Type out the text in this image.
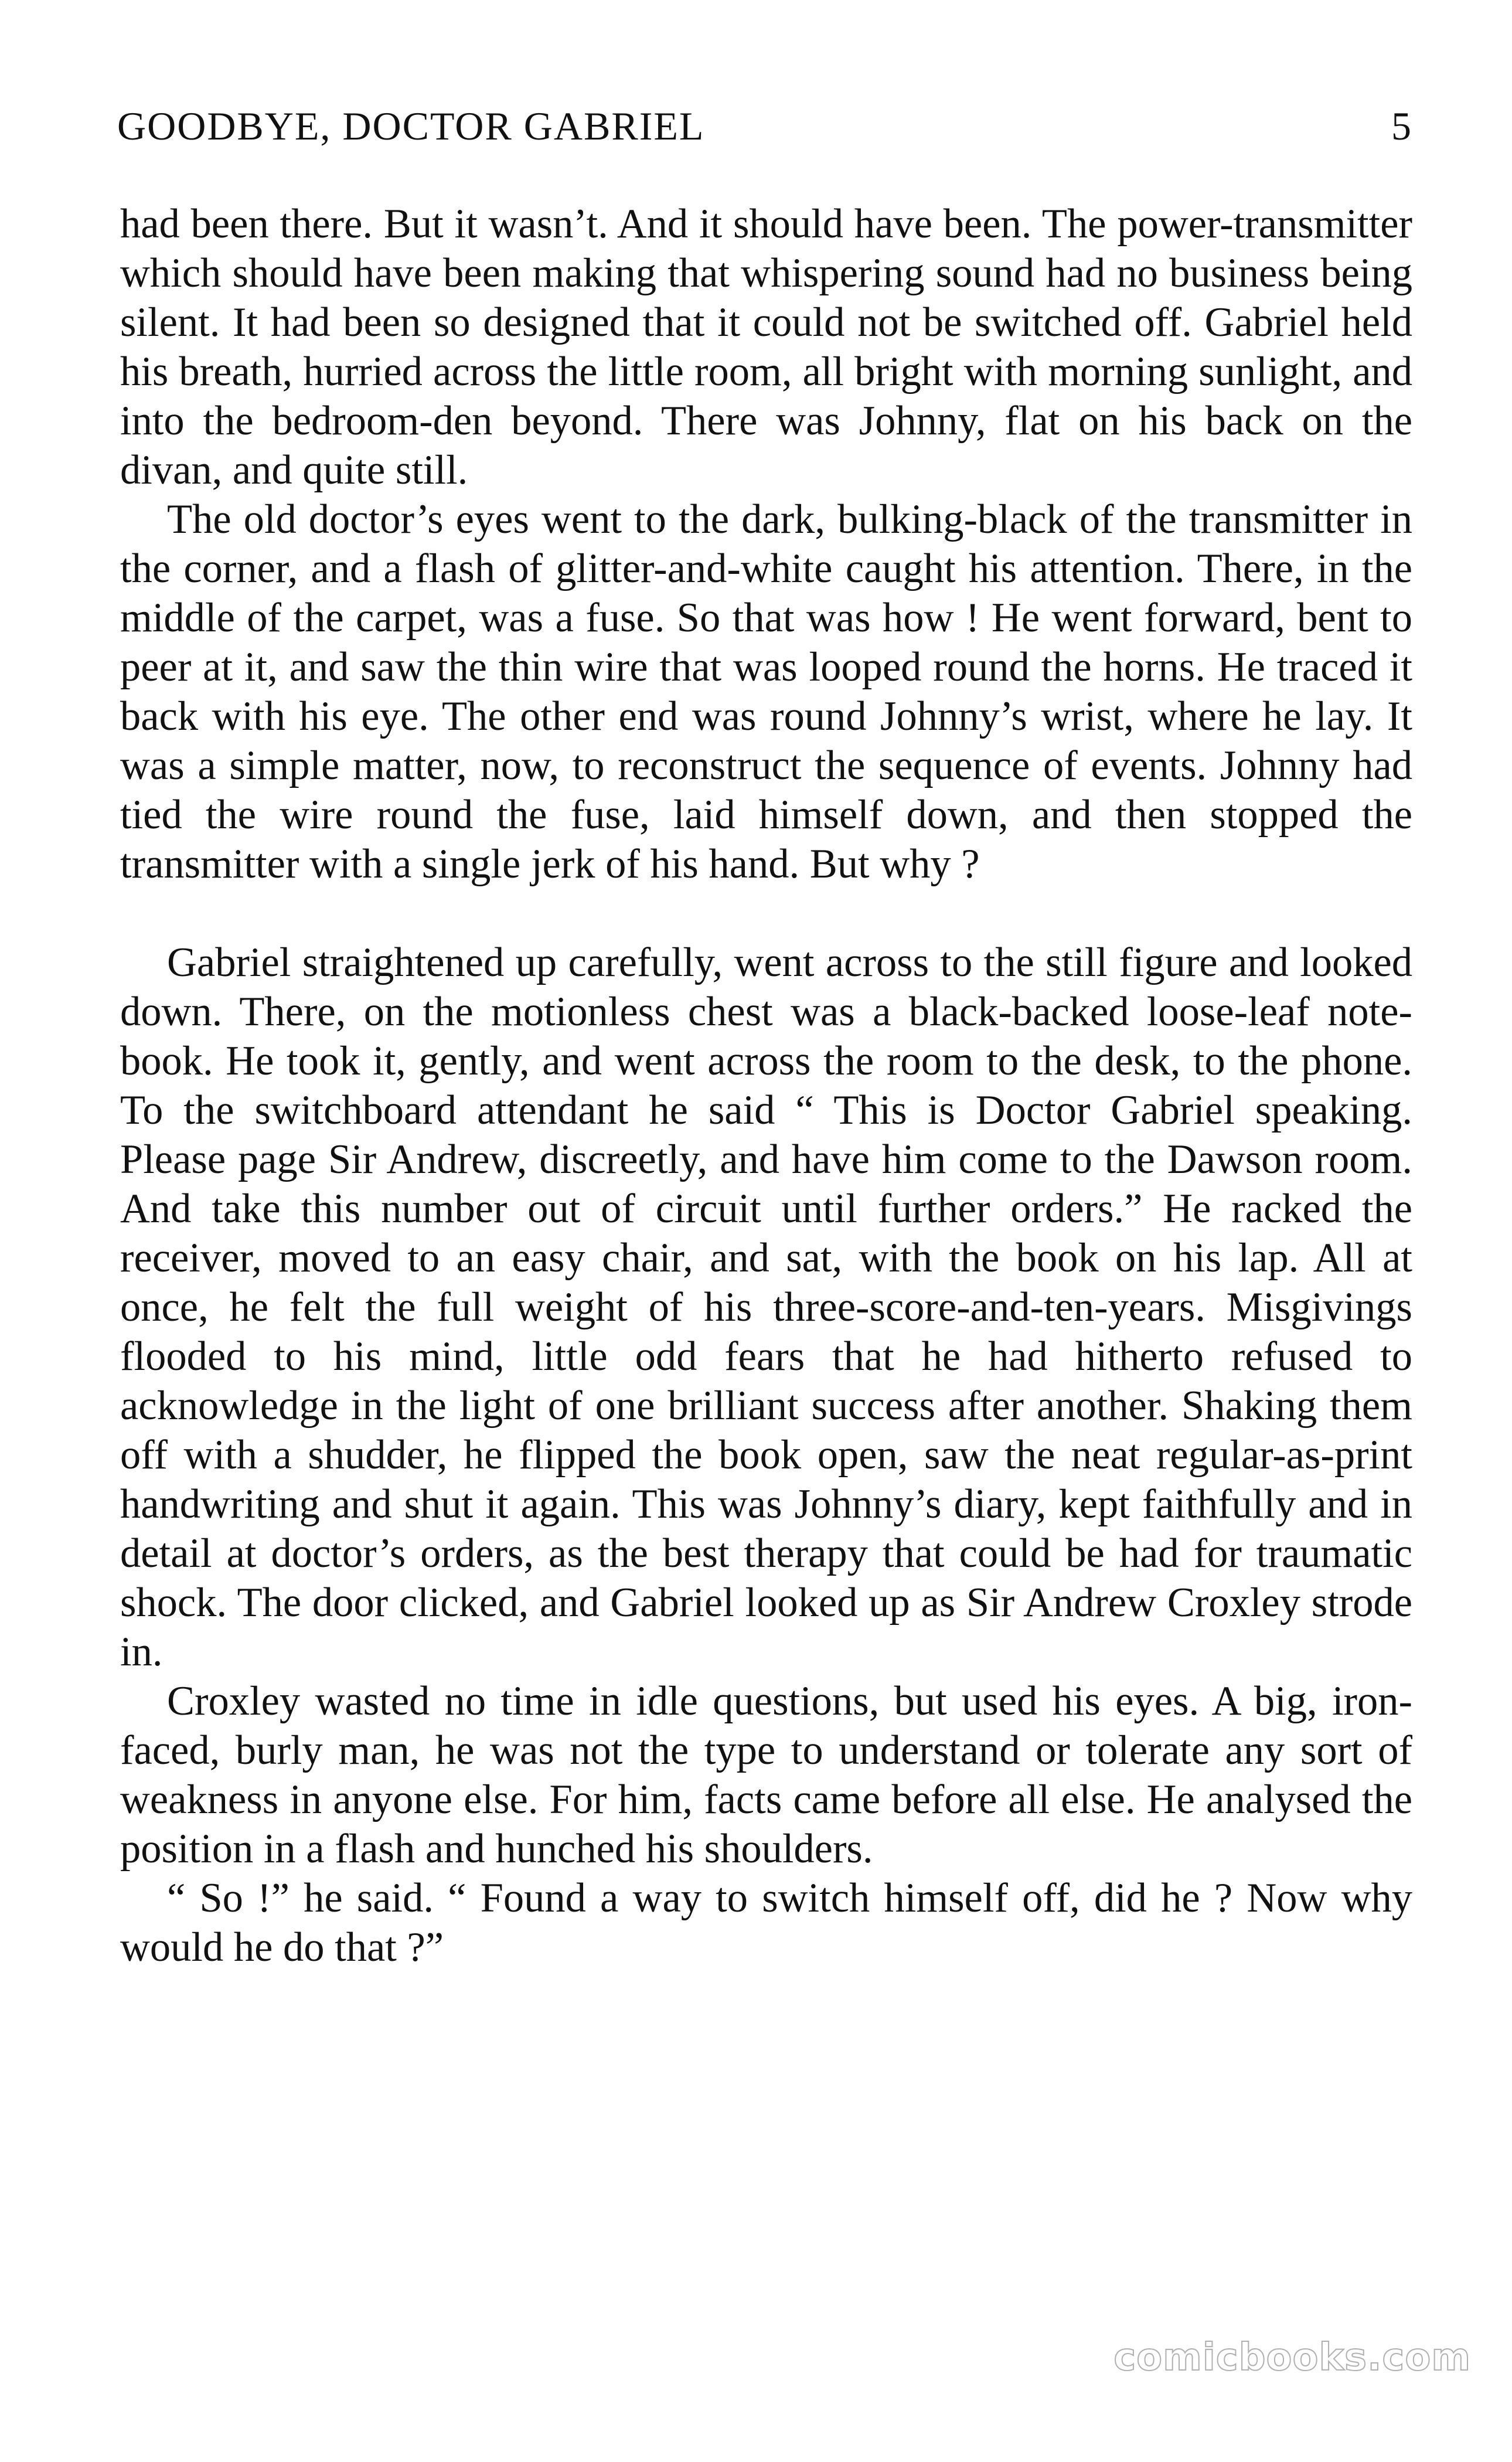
GOODBYE, DOCTOR GABRIEL	5

had been there. But it wasn’t. And it should have been. The power-transmitter which should have been making that whispering sound had no business being silent. It had been so designed that it could not be switched off. Gabriel held his breath, hurried across the little room, all bright with morning sunlight, and into the bedroom-den beyond. There was Johnny, flat on his back on the divan, and quite still.

The old doctor’s eyes went to the dark, bulking-black of the transmitter in the corner, and a flash of glitter-and-white caught his attention. There, in the middle of the carpet, was a fuse. So that was how ! He went forward, bent to peer at it, and saw the thin wire that was looped round the horns. He traced it back with his eye. The other end was round Johnny’s wrist, where he lay. It was a simple matter, now, to reconstruct the sequence of events. Johnny had tied the wire round the fuse, laid himself down, and then stopped the transmitter with a single jerk of his hand. But why ?

Gabriel straightened up carefully, went across to the still figure and looked down. There, on the motionless chest was a black-backed loose-leaf note-book. He took it, gently, and went across the room to the desk, to the phone. To the switchboard attendant he said “ This is Doctor Gabriel speaking. Please page Sir Andrew, discreetly, and have him come to the Dawson room. And take this number out of circuit until further orders.” He racked the receiver, moved to an easy chair, and sat, with the book on his lap. All at once, he felt the full weight of his three-score-and-ten-years. Misgivings flooded to his mind, little odd fears that he had hitherto refused to acknowledge in the light of one brilliant success after another. Shaking them off with a shudder, he flipped the book open, saw the neat regular-as-print handwriting and shut it again. This was Johnny’s diary, kept faithfully and in detail at doctor’s orders, as the best therapy that could be had for traumatic shock. The door clicked, and Gabriel looked up as Sir Andrew Croxley strode in.

Croxley wasted no time in idle questions, but used his eyes. A big, iron-faced, burly man, he was not the type to understand or tolerate any sort of weakness in anyone else. For him, facts came before all else. He analysed the position in a flash and hunched his shoulders.

“ So !” he said. “ Found a way to switch himself off, did he ? Now why would he do that ?”

comicbooks.com
